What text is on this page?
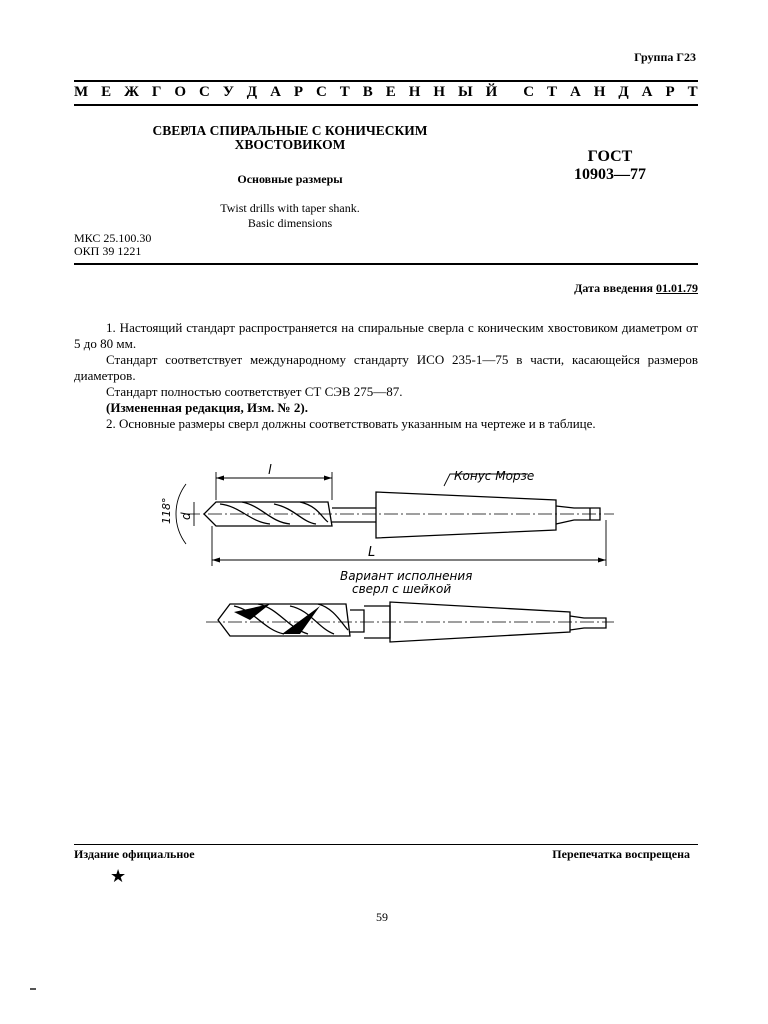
Группа Г23
М Е Ж Г О С У Д А Р С Т В Е Н Н Ы Й С Т А Н Д А Р Т

СВЕРЛА СПИРАЛЬНЫЕ С КОНИЧЕСКИМ

ХВОСТОВИКОМ

Основные размеры
Twist drills with taper shank.
Basic dimensions
ГОСТ
10903—77
МКС 25.100.30
ОКП 39 1221
Дата введения 01.01.79

1. Настоящий стандарт распространяется на спиральные сверла с коническим хвостовиком диаметром от 5 до 80 мм.

Стандарт соответствует международному стандарту ИСО 235-1—75 в части, касающейся размеров диаметров.

Стандарт полностью соответствует СТ СЭВ 275—87.

(Измененная редакция, Изм. № 2).

2. Основные размеры сверл должны соответствовать указанным на чертеже и в таблице.

l
L
d
118°
Конус Морзе
Вариант исполнения
сверл с шейкой
Издание официальное	Перепечатка воспрещена
★
59
